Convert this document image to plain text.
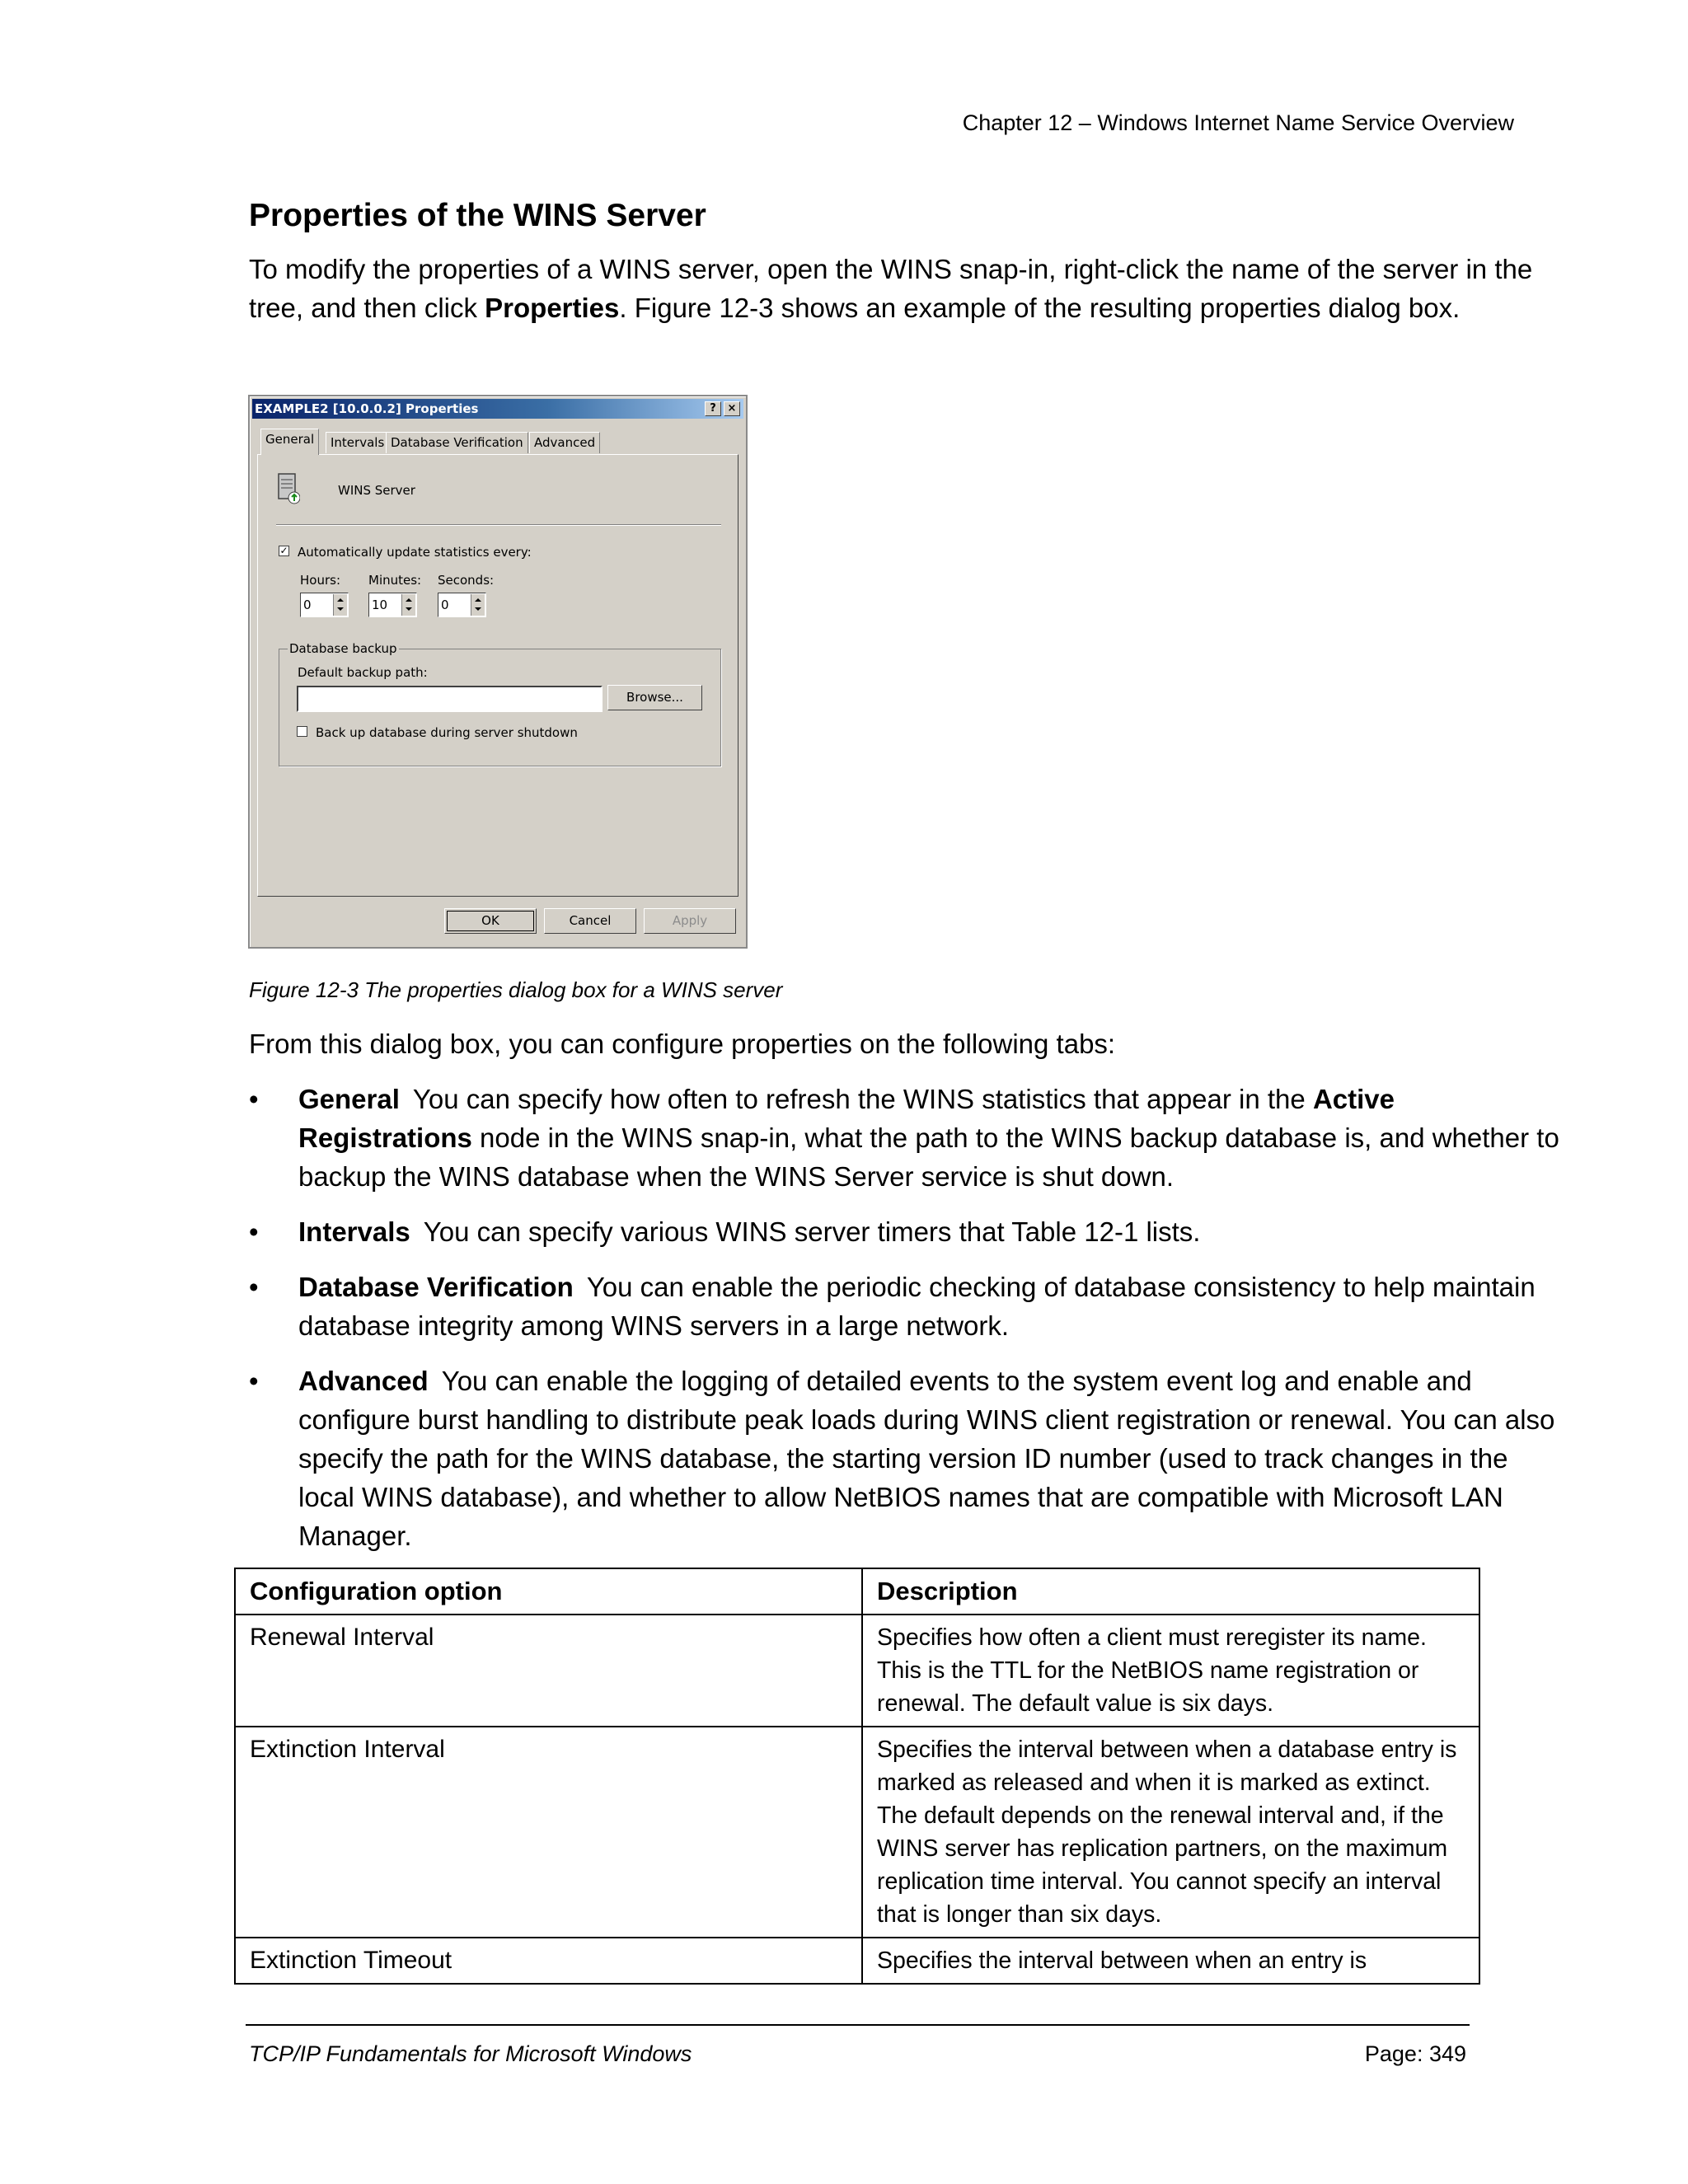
Chapter 12 – Windows Internet Name Service Overview
Properties of the WINS Server

To modify the properties of a WINS server, open the WINS snap-in, right-click the name of the server in the tree, and then click Properties. Figure 12-3 shows an example of the resulting properties dialog box.

EXAMPLE2 [10.0.0.2] Properties	?	×
General	Intervals Database Verification Advanced
WINS Server
✓ Automatically update statistics every:
Hours: Minutes: Seconds:
0	10	0
Database backup
Default backup path:
Browse...
Back up database during server shutdown
OK	Cancel	Apply

Figure 12-3 The properties dialog box for a WINS server

From this dialog box, you can configure properties on the following tabs:

• General You can specify how often to refresh the WINS statistics that appear in the Active Registrations node in the WINS snap-in, what the path to the WINS backup database is, and whether to backup the WINS database when the WINS Server service is shut down.
• Intervals You can specify various WINS server timers that Table 12-1 lists.
• Database Verification You can enable the periodic checking of database consistency to help maintain database integrity among WINS servers in a large network.
• Advanced You can enable the logging of detailed events to the system event log and enable and configure burst handling to distribute peak loads during WINS client registration or renewal. You can also specify the path for the WINS database, the starting version ID number (used to track changes in the local WINS database), and whether to allow NetBIOS names that are compatible with Microsoft LAN Manager.
Configuration option	Description
Renewal Interval	Specifies how often a client must reregister its name. This is the TTL for the NetBIOS name registration or renewal. The default value is six days.
Extinction Interval	Specifies the interval between when a database entry is marked as released and when it is marked as extinct. The default depends on the renewal interval and, if the WINS server has replication partners, on the maximum replication time interval. You cannot specify an interval that is longer than six days.
Extinction Timeout	Specifies the interval between when an entry is
TCP/IP Fundamentals for Microsoft Windows	Page: 349
